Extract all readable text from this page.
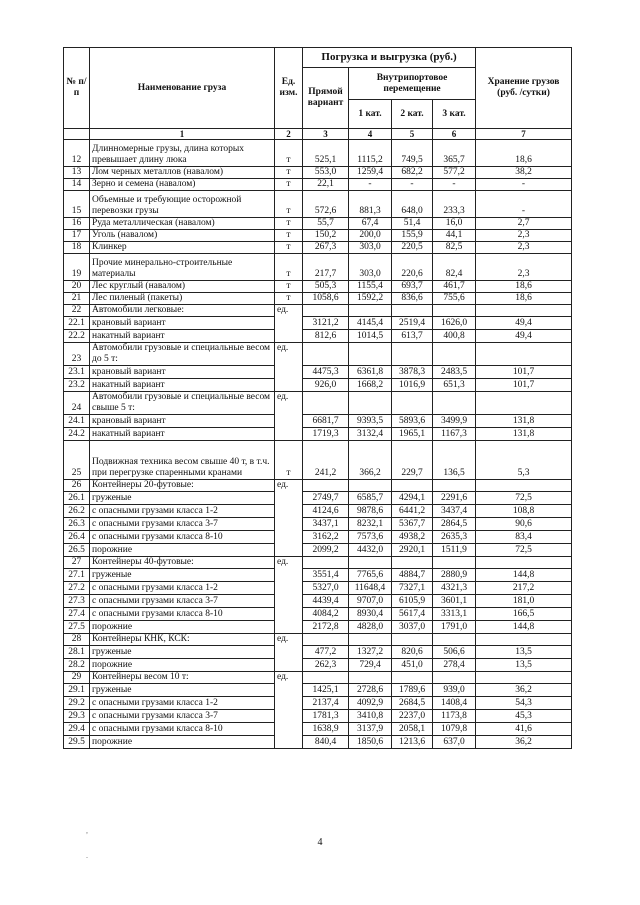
№ п/п	Наименование груза	Ед. изм.	Погрузка и выгрузка (руб.)				Хранение грузов (руб. /сутки)
			Прямой вариант	Внутрипортовое перемещение			
				1 кат.	2 кат.	3 кат.	
	1	2	3	4	5	6	7
12	Длинномерные грузы, длина которых превышает длину люка	т	525,1	1115,2	749,5	365,7	18,6
13	Лом черных металлов (навалом)	т	553,0	1259,4	682,2	577,2	38,2
14	Зерно и семена (навалом)	т	22,1	-	-	-	-
15	Объемные и требующие осторожной перевозки грузы	т	572,6	881,3	648,0	233,3	-
16	Руда металлическая (навалом)	т	55,7	67,4	51,4	16,0	2,7
17	Уголь (навалом)	т	150,2	200,0	155,9	44,1	2,3
18	Клинкер	т	267,3	303,0	220,5	82,5	2,3
19	Прочие минерально-строительные материалы	т	217,7	303,0	220,6	82,4	2,3
20	Лес круглый (навалом)	т	505,3	1155,4	693,7	461,7	18,6
21	Лес пиленый (пакеты)	т	1058,6	1592,2	836,6	755,6	18,6
22	Автомобили легковые:	ед.					
22.1	крановый вариант		3121,2	4145,4	2519,4	1626,0	49,4
22.2	накатный вариант		812,6	1014,5	613,7	400,8	49,4
23	Автомобили грузовые и специальные весом до 5 т:	ед.					
23.1	крановый вариант		4475,3	6361,8	3878,3	2483,5	101,7
23.2	накатный вариант		926,0	1668,2	1016,9	651,3	101,7
24	Автомобили грузовые и специальные весом свыше 5 т:	ед.					
24.1	крановый вариант		6681,7	9393,5	5893,6	3499,9	131,8
24.2	накатный вариант		1719,3	3132,4	1965,1	1167,3	131,8
25	Подвижная техника весом свыше 40 т, в т.ч. при перегрузке спаренными кранами	т	241,2	366,2	229,7	136,5	5,3
26	Контейнеры 20-футовые:	ед.					
26.1	груженые		2749,7	6585,7	4294,1	2291,6	72,5
26.2	с опасными грузами класса 1-2		4124,6	9878,6	6441,2	3437,4	108,8
26.3	с опасными грузами класса 3-7		3437,1	8232,1	5367,7	2864,5	90,6
26.4	с опасными грузами класса 8-10		3162,2	7573,6	4938,2	2635,3	83,4
26.5	порожние		2099,2	4432,0	2920,1	1511,9	72,5
27	Контейнеры 40-футовые:	ед.					
27.1	груженые		3551,4	7765,6	4884,7	2880,9	144,8
27.2	с опасными грузами класса 1-2		5327,0	11648,4	7327,1	4321,3	217,2
27.3	с опасными грузами класса 3-7		4439,4	9707,0	6105,9	3601,1	181,0
27.4	с опасными грузами класса 8-10		4084,2	8930,4	5617,4	3313,1	166,5
27.5	порожние		2172,8	4828,0	3037,0	1791,0	144,8
28	Контейнеры КНК, КСК:	ед.					
28.1	груженые		477,2	1327,2	820,6	506,6	13,5
28.2	порожние		262,3	729,4	451,0	278,4	13,5
29	Контейнеры весом 10 т:	ед.					
29.1	груженые		1425,1	2728,6	1789,6	939,0	36,2
29.2	с опасными грузами класса 1-2		2137,4	4092,9	2684,5	1408,4	54,3
29.3	с опасными грузами класса 3-7		1781,3	3410,8	2237,0	1173,8	45,3
29.4	с опасными грузами класса 8-10		1638,9	3137,9	2058,1	1079,8	41,6
29.5	порожние		840,4	1850,6	1213,6	637,0	36,2
4
,
.
